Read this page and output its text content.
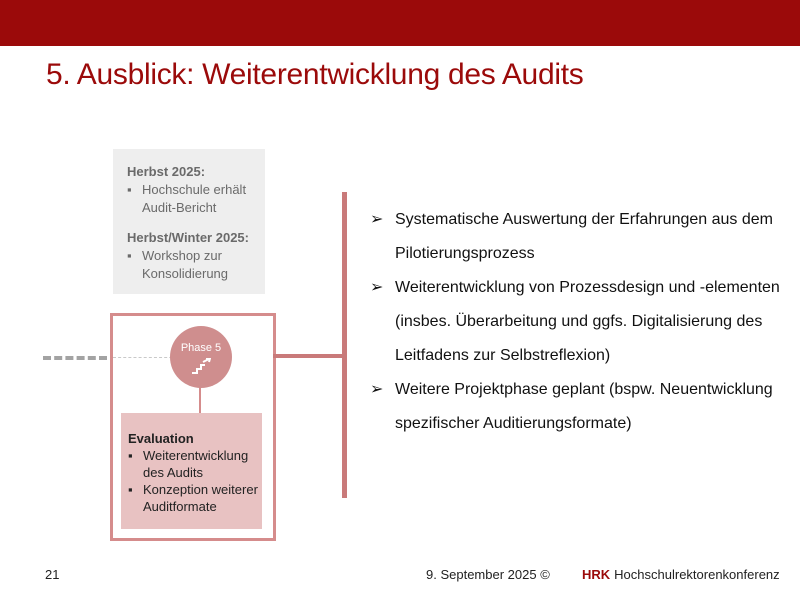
5. Ausblick: Weiterentwicklung des Audits
Herbst 2025:
▪ Hochschule erhält Audit-Bericht
Herbst/Winter 2025:
▪ Workshop zur Konsolidierung
Phase 5
Evaluation
▪ Weiterentwicklung des Audits
▪ Konzeption weiterer Auditformate
➢ Systematische Auswertung der Erfahrungen aus dem Pilotierungsprozess
➢ Weiterentwicklung von Prozessdesign und -elementen (insbes. Überarbeitung und ggfs. Digitalisierung des Leitfadens zur Selbstreflexion)
➢ Weitere Projektphase geplant (bspw. Neuentwicklung spezifischer Auditierungsformate)
21	9. September 2025 © HRK Hochschulrektorenkonferenz
